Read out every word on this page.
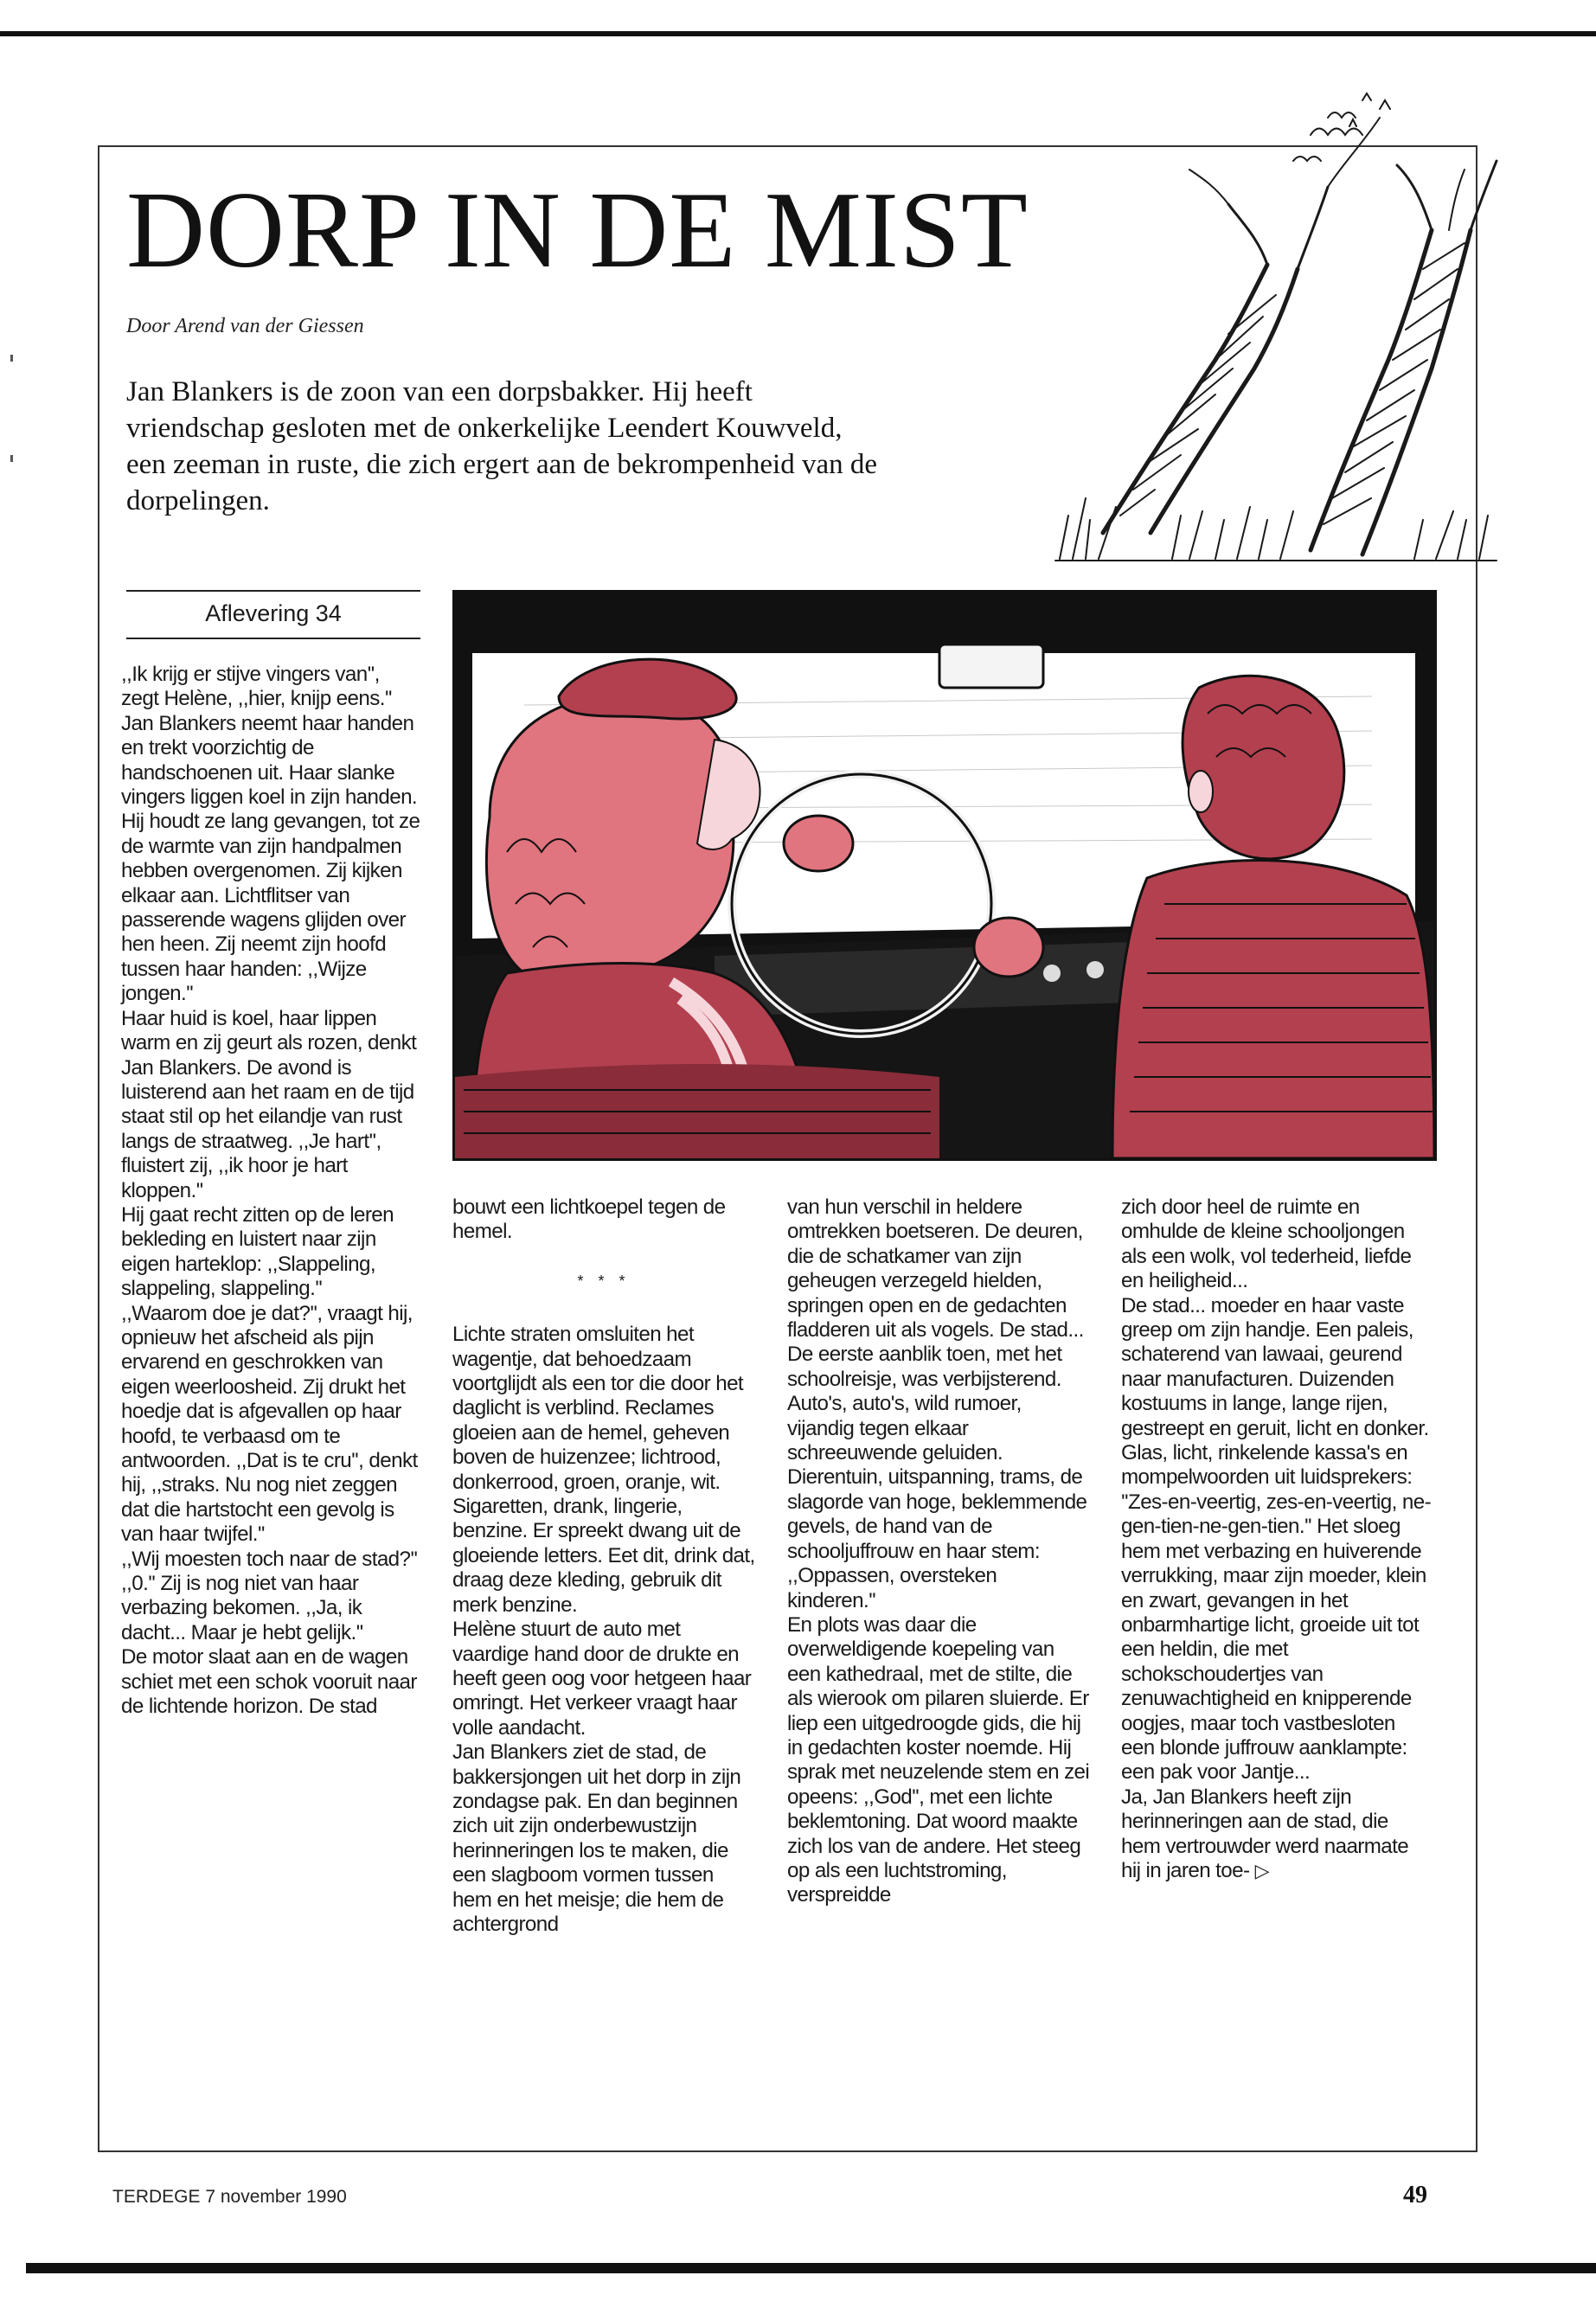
DORP IN DE MIST
Door Arend van der Giessen
Jan Blankers is de zoon van een dorpsbakker. Hij heeft vriendschap gesloten met de onkerkelijke Leendert Kouwveld, een zeeman in ruste, die zich ergert aan de bekrompenheid van de dorpelingen.
Aflevering 34

,,Ik krijg er stijve vingers van'', zegt Helène, ,,hier, knijp eens.'' Jan Blankers neemt haar handen en trekt voorzichtig de handschoenen uit. Haar slanke vingers liggen koel in zijn handen. Hij houdt ze lang gevangen, tot ze de warmte van zijn handpalmen hebben overgenomen. Zij kijken elkaar aan. Lichtflitser van passerende wagens glijden over hen heen. Zij neemt zijn hoofd tussen haar handen: ,,Wijze jongen.''

Haar huid is koel, haar lippen warm en zij geurt als rozen, denkt Jan Blankers. De avond is luisterend aan het raam en de tijd staat stil op het eilandje van rust langs de straatweg. ,,Je hart'', fluistert zij, ,,ik hoor je hart kloppen.''

Hij gaat recht zitten op de leren bekleding en luistert naar zijn eigen harteklop: ,,Slappeling, slappeling, slappeling.''

,,Waarom doe je dat?'', vraagt hij, opnieuw het afscheid als pijn ervarend en geschrokken van eigen weerloosheid. Zij drukt het hoedje dat is afgevallen op haar hoofd, te verbaasd om te antwoorden. ,,Dat is te cru'', denkt hij, ,,straks. Nu nog niet zeggen dat die hartstocht een gevolg is van haar twijfel.''

,,Wij moesten toch naar de stad?''

,,0.'' Zij is nog niet van haar verbazing bekomen. ,,Ja, ik dacht... Maar je hebt gelijk.''

De motor slaat aan en de wagen schiet met een schok vooruit naar de lichtende horizon. De stad

bouwt een lichtkoepel tegen de hemel.

* * *

Lichte straten omsluiten het wagentje, dat behoedzaam voortglijdt als een tor die door het daglicht is verblind. Reclames gloeien aan de hemel, geheven boven de huizenzee; lichtrood, donkerrood, groen, oranje, wit. Sigaretten, drank, lingerie, benzine. Er spreekt dwang uit de gloeiende letters. Eet dit, drink dat, draag deze kleding, gebruik dit merk benzine.

Helène stuurt de auto met vaardige hand door de drukte en heeft geen oog voor hetgeen haar omringt. Het verkeer vraagt haar volle aandacht.

Jan Blankers ziet de stad, de bakkersjongen uit het dorp in zijn zondagse pak. En dan beginnen zich uit zijn onderbewustzijn herinneringen los te maken, die een slagboom vormen tussen hem en het meisje; die hem de achtergrond

van hun verschil in heldere omtrekken boetseren. De deuren, die de schatkamer van zijn geheugen verzegeld hielden, springen open en de gedachten fladderen uit als vogels. De stad... De eerste aanblik toen, met het schoolreisje, was verbijsterend. Auto's, auto's, wild rumoer, vijandig tegen elkaar schreeuwende geluiden. Dierentuin, uitspanning, trams, de slagorde van hoge, beklemmende gevels, de hand van de schooljuffrouw en haar stem: ,,Oppassen, oversteken kinderen.''

En plots was daar die overweldigende koepeling van een kathedraal, met de stilte, die als wierook om pilaren sluierde. Er liep een uitgedroogde gids, die hij in gedachten koster noemde. Hij sprak met neuzelende stem en zei opeens: ,,God'', met een lichte beklemtoning. Dat woord maakte zich los van de andere. Het steeg op als een luchtstroming, verspreidde

zich door heel de ruimte en omhulde de kleine schooljongen als een wolk, vol tederheid, liefde en heiligheid...

De stad... moeder en haar vaste greep om zijn handje. Een paleis, schaterend van lawaai, geurend naar manufacturen. Duizenden kostuums in lange, lange rijen, gestreept en geruit, licht en donker. Glas, licht, rinkelende kassa's en mompelwoorden uit luidsprekers: ''Zes-en-veertig, zes-en-veertig, ne-gen-tien-ne-gen-tien.'' Het sloeg hem met verbazing en huiverende verrukking, maar zijn moeder, klein en zwart, gevangen in het onbarmhartige licht, groeide uit tot een heldin, die met schokschoudertjes van zenuwachtigheid en knipperende oogjes, maar toch vastbesloten een blonde juffrouw aanklampte: een pak voor Jantje...

Ja, Jan Blankers heeft zijn herinneringen aan de stad, die hem vertrouwder werd naarmate hij in jaren toe- ▷

TERDEGE 7 november 1990	49
